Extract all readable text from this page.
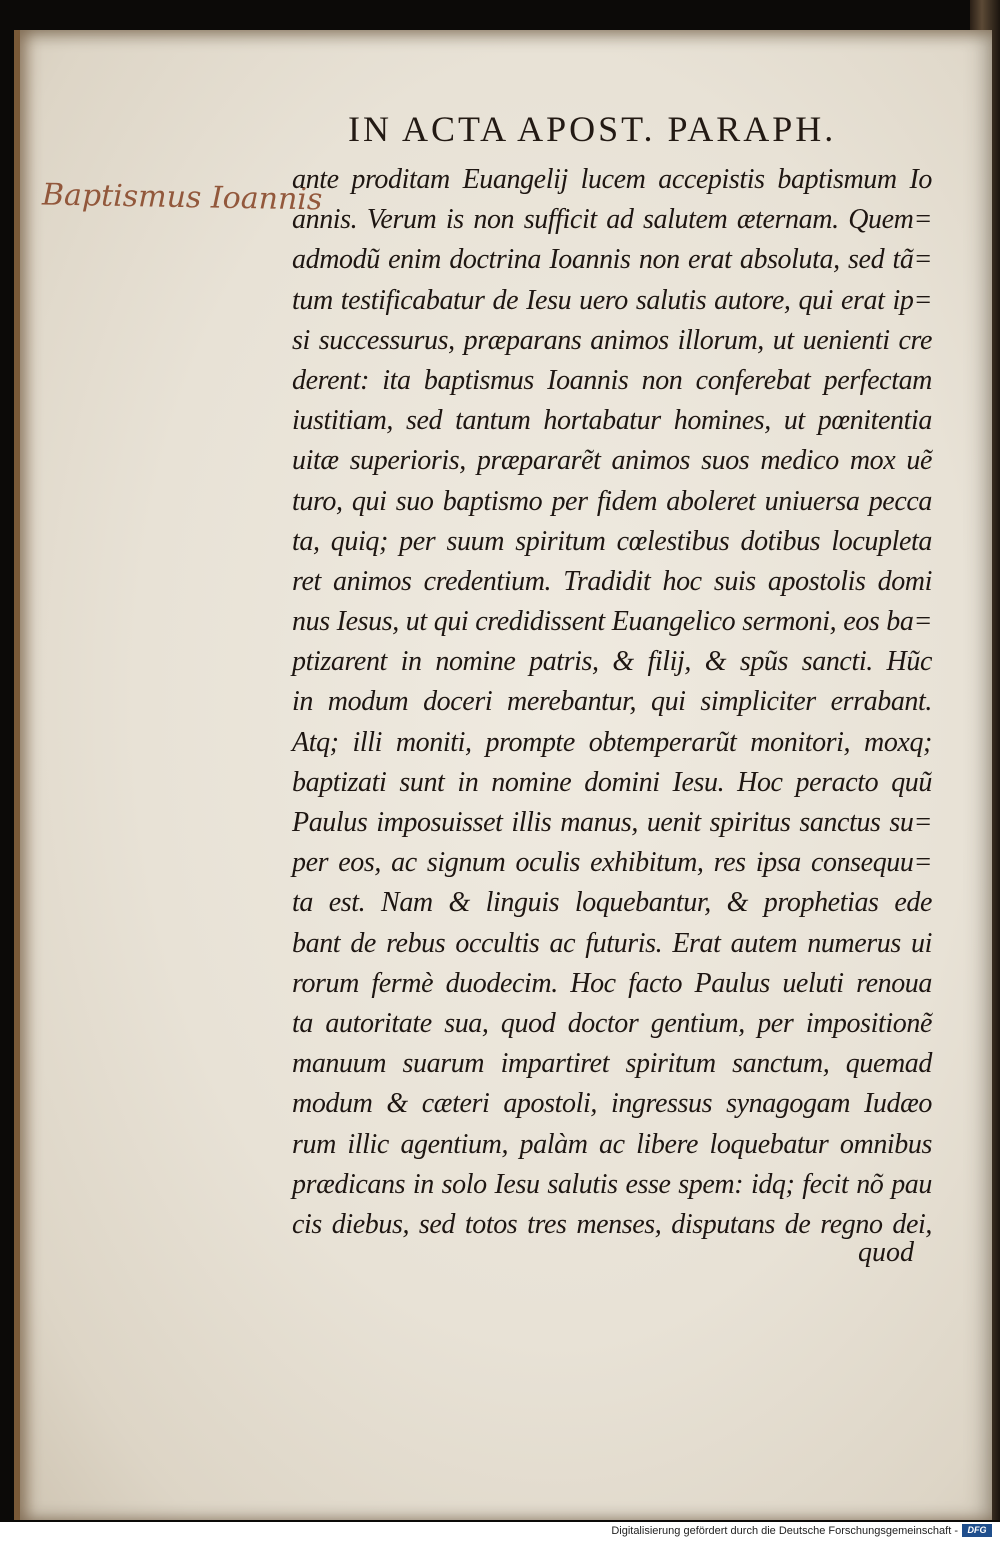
IN ACTA APOST. PARAPH.
Baptismus Ioannis
ante proditam Euangelij lucem accepistis baptismum Io
annis. Verum is non sufficit ad salutem æternam. Quem=
admodũ enim doctrina Ioannis non erat absoluta, sed tã=
tum testificabatur de Iesu uero salutis autore, qui erat ip=
si successurus, præparans animos illorum, ut uenienti cre
derent: ita baptismus Ioannis non conferebat perfectam
iustitiam, sed tantum hortabatur homines, ut pœnitentia
uitæ superioris, præpararẽt animos suos medico mox uẽ
turo, qui suo baptismo per fidem aboleret uniuersa pecca
ta, quiq; per suum spiritum cœlestibus dotibus locupleta
ret animos credentium. Tradidit hoc suis apostolis domi
nus Iesus, ut qui credidissent Euangelico sermoni, eos ba=
ptizarent in nomine patris, & filij, & spũs sancti. Hũc
in modum doceri merebantur, qui simpliciter errabant.
Atq; illi moniti, prompte obtemperarũt monitori, moxq;
baptizati sunt in nomine domini Iesu. Hoc peracto quũ
Paulus imposuisset illis manus, uenit spiritus sanctus su=
per eos, ac signum oculis exhibitum, res ipsa consequu=
ta est. Nam & linguis loquebantur, & prophetias ede
bant de rebus occultis ac futuris. Erat autem numerus ui
rorum fermè duodecim. Hoc facto Paulus ueluti renoua
ta autoritate sua, quod doctor gentium, per impositionẽ
manuum suarum impartiret spiritum sanctum, quemad
modum & cæteri apostoli, ingressus synagogam Iudæo
rum illic agentium, palàm ac libere loquebatur omnibus
prædicans in solo Iesu salutis esse spem: idq; fecit nõ pau
cis diebus, sed totos tres menses, disputans de regno dei,
quod
Digitalisierung gefördert durch die Deutsche Forschungsgemeinschaft -	DFG
